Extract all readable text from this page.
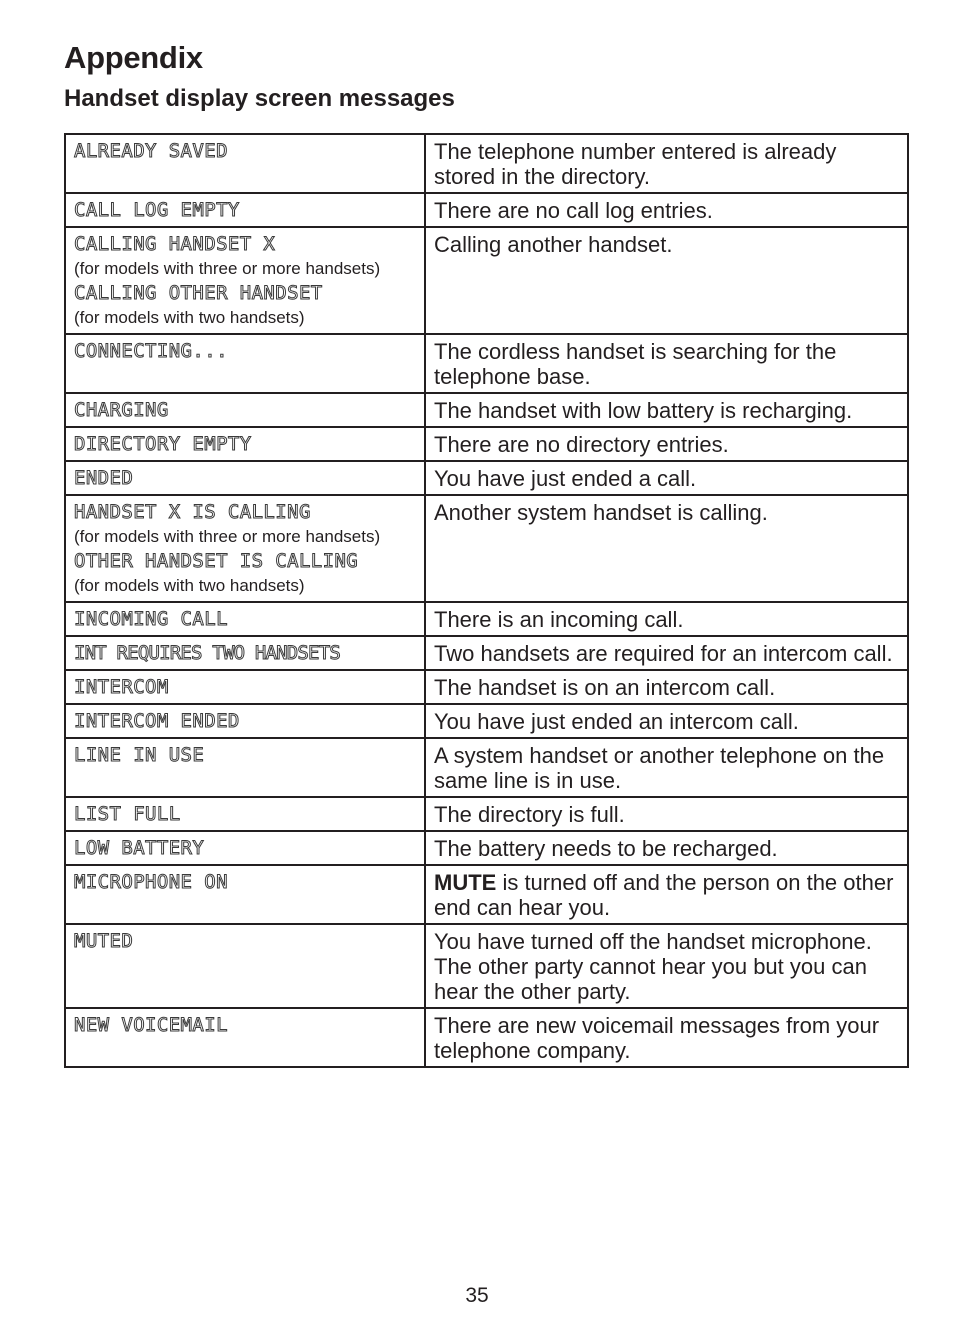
Appendix
Handset display screen messages
ALREADY SAVED	The telephone number entered is already stored in the directory.

CALL LOG EMPTY	There are no call log entries.

CALLING HANDSET X
(for models with three or more handsets)
CALLING OTHER HANDSET
(for models with two handsets)	Calling another handset.

CONNECTING...	The cordless handset is searching for the telephone base.

CHARGING	The handset with low battery is recharging.

DIRECTORY EMPTY	There are no directory entries.

ENDED	You have just ended a call.

HANDSET X IS CALLING
(for models with three or more handsets)
OTHER HANDSET IS CALLING
(for models with two handsets)	Another system handset is calling.

INCOMING CALL	There is an incoming call.

INT REQUIRES TWO HANDSETS	Two handsets are required for an intercom call.

INTERCOM	The handset is on an intercom call.

INTERCOM ENDED	You have just ended an intercom call.

LINE IN USE	A system handset or another telephone on the same line is in use.

LIST FULL	The directory is full.

LOW BATTERY	The battery needs to be recharged.

MICROPHONE ON	MUTE is turned off and the person on the other end can hear you.

MUTED	You have turned off the handset microphone. The other party cannot hear you but you can hear the other party.

NEW VOICEMAIL	There are new voicemail messages from your telephone company.
35
